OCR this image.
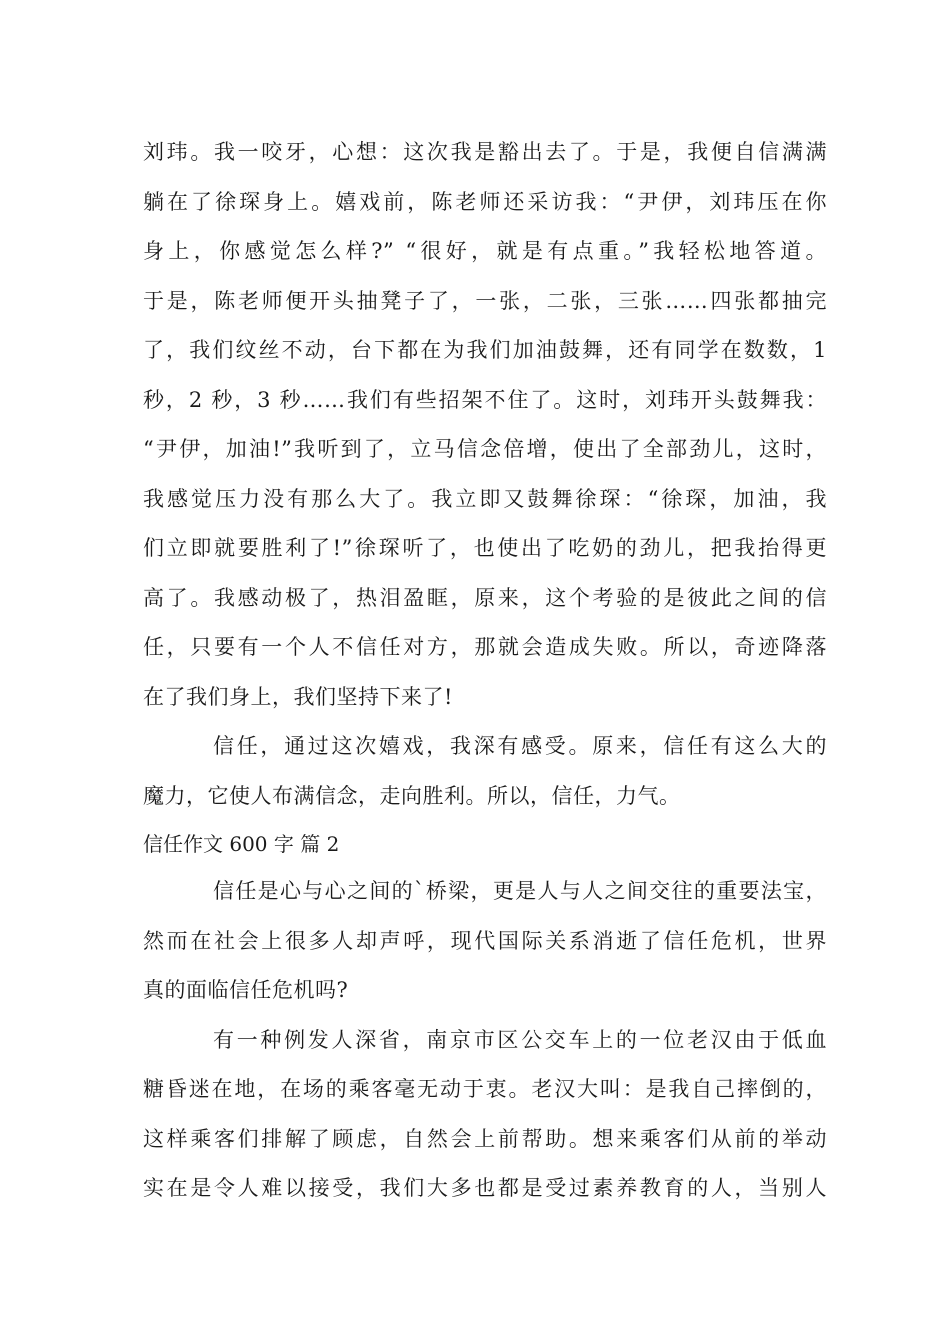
刘玮。我一咬牙，心想：这次我是豁出去了。于是，我便自信满满
躺在了徐琛身上。嬉戏前，陈老师还采访我：“尹伊，刘玮压在你
身上，你感觉怎么样?” “很好，就是有点重。”我轻松地答道。
于是，陈老师便开头抽凳子了，一张，二张，三张……四张都抽完
了，我们纹丝不动，台下都在为我们加油鼓舞，还有同学在数数，1
秒，2 秒，3 秒……我们有些招架不住了。这时，刘玮开头鼓舞我：
“尹伊，加油!”我听到了，立马信念倍增，使出了全部劲儿，这时，
我感觉压力没有那么大了。我立即又鼓舞徐琛：“徐琛，加油，我
们立即就要胜利了!”徐琛听了，也使出了吃奶的劲儿，把我抬得更
高了。我感动极了，热泪盈眶，原来，这个考验的是彼此之间的信
任，只要有一个人不信任对方，那就会造成失败。所以，奇迹降落
在了我们身上，我们坚持下来了!
信任，通过这次嬉戏，我深有感受。原来，信任有这么大的
魔力，它使人布满信念，走向胜利。所以，信任，力气。
信任作文 600 字 篇 2
信任是心与心之间的`桥梁，更是人与人之间交往的重要法宝，
然而在社会上很多人却声呼，现代国际关系消逝了信任危机，世界
真的面临信任危机吗?
有一种例发人深省，南京市区公交车上的一位老汉由于低血
糖昏迷在地，在场的乘客毫无动于衷。老汉大叫：是我自己摔倒的，
这样乘客们排解了顾虑，自然会上前帮助。想来乘客们从前的举动
实在是令人难以接受，我们大多也都是受过素养教育的人，当别人
